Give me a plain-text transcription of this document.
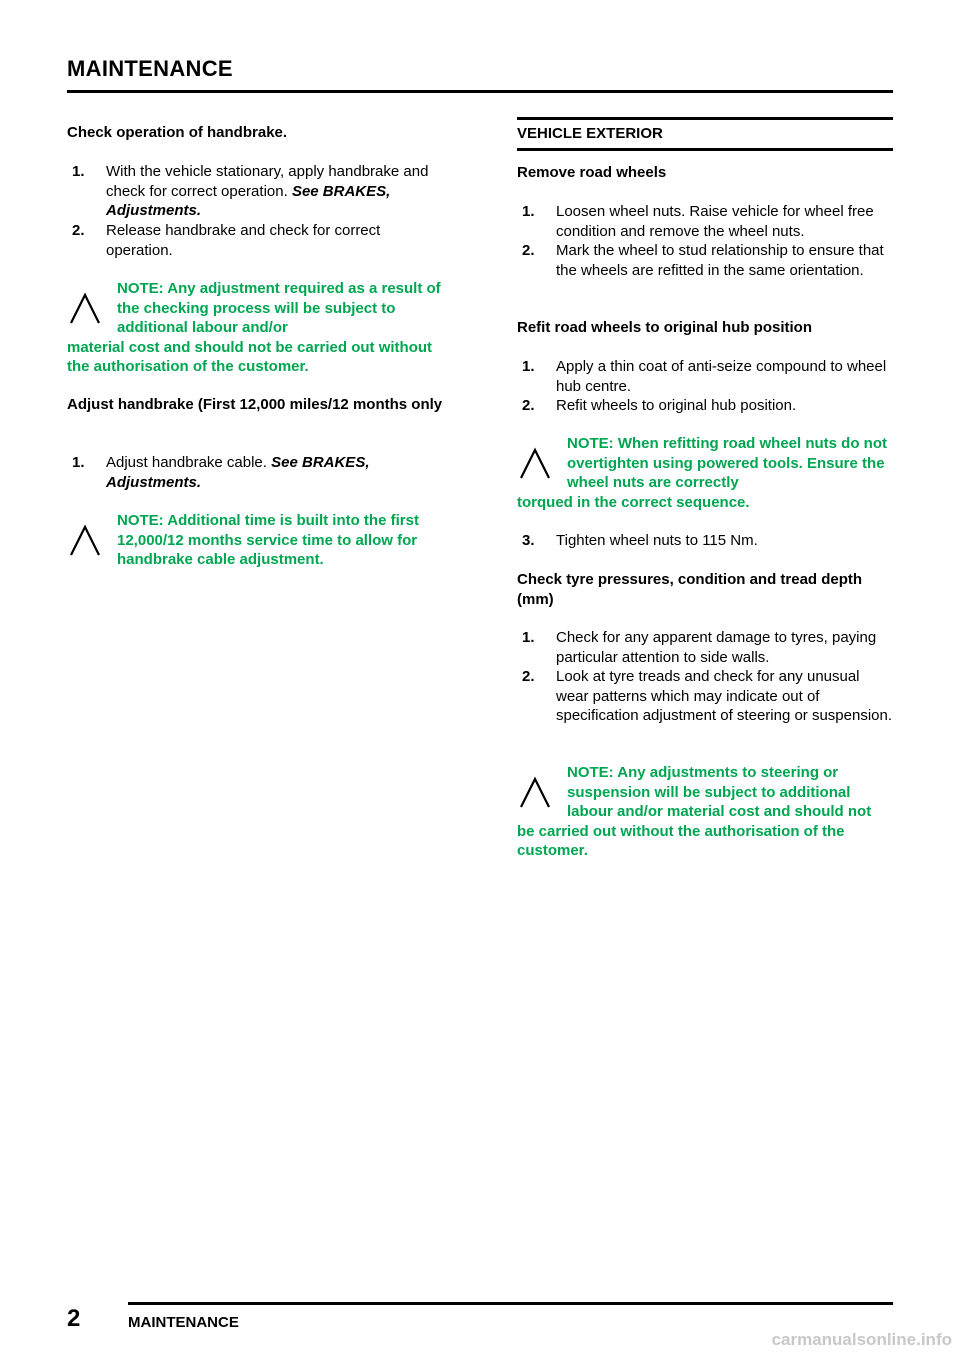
MAINTENANCE

Check operation of handbrake.

1.	With the vehicle stationary, apply handbrake and check for correct operation. See BRAKES, Adjustments.
2.	Release handbrake and check for correct operation.
NOTE: Any adjustment required as a result of the checking process will be subject to additional labour and/or
material cost and should not be carried out without the authorisation of the customer.

Adjust handbrake (First 12,000 miles/12 months only

1.	Adjust handbrake cable. See BRAKES, Adjustments.
NOTE: Additional time is built into the first 12,000/12 months service time to allow for handbrake cable adjustment.

VEHICLE EXTERIOR

Remove road wheels

1.	Loosen wheel nuts. Raise vehicle for wheel free condition and remove the wheel nuts.
2.	Mark the wheel to stud relationship to ensure that the wheels are refitted in the same orientation.

Refit road wheels to original hub position

1.	Apply a thin coat of anti-seize compound to wheel hub centre.
2.	Refit wheels to original hub position.
NOTE: When refitting road wheel nuts do not overtighten using powered tools. Ensure the wheel nuts are correctly
torqued in the correct sequence.
3.	Tighten wheel nuts to 115 Nm.

Check tyre pressures, condition and tread depth (mm)

1.	Check for any apparent damage to tyres, paying particular attention to side walls.
2.	Look at tyre treads and check for any unusual wear patterns which may indicate out of specification adjustment of steering or suspension.
NOTE: Any adjustments to steering or suspension will be subject to additional labour and/or material cost and should not
be carried out without the authorisation of the customer.
2	MAINTENANCE
carmanualsonline.info
